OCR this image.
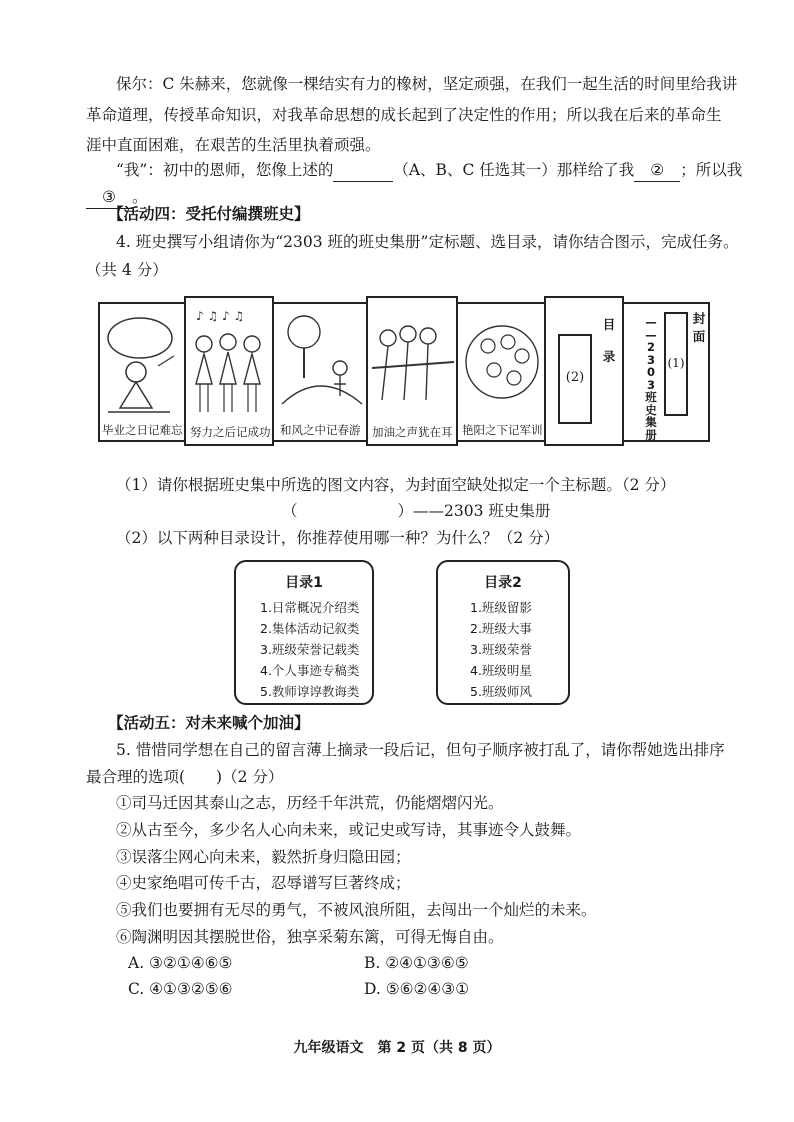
保尔：C 朱赫来，您就像一棵结实有力的橡树，坚定顽强，在我们一起生活的时间里给我讲
革命道理，传授革命知识，对我革命思想的成长起到了决定性的作用；所以我在后来的革命生
涯中直面困难，在艰苦的生活里执着顽强。
“我”：初中的恩师，您像上述的	（A、B、C 任选其一）那样给了我 ② ；所以我
③ 。
【活动四：受托付编撰班史】
4. 班史撰写小组请你为“2303 班的班史集册”定标题、选目录，请你结合图示，完成任务。
（共 4 分）
毕业之日记难忘
♪ ♫ ♪ ♫
努力之后记成功 和风之中记春游 加油之声犹在耳 艳阳之下记军训
目
录
(2)
—
—
2
3
0
3
班
史
集
册
(1)
封
面
（1）请你根据班史集中所选的图文内容，为封面空缺处拟定一个主标题。（2 分）
（	）——2303 班史集册
（2）以下两种目录设计，你推荐使用哪一种？为什么？（2 分）
目录1
1.日常概况介绍类
2.集体活动记叙类
3.班级荣誉记载类
4.个人事迹专稿类
5.教师谆谆教诲类
目录2
1.班级留影
2.班级大事
3.班级荣誉
4.班级明星
5.班级师风
【活动五：对未来喊个加油】
5. 惜惜同学想在自己的留言薄上摘录一段后记，但句子顺序被打乱了，请你帮她选出排序
最合理的选项(　　)（2 分）
①司马迁因其泰山之志，历经千年洪荒，仍能熠熠闪光。
②从古至今，多少名人心向未来，或记史或写诗，其事迹令人鼓舞。
③误落尘网心向未来，毅然折身归隐田园；
④史家绝唱可传千古，忍辱谱写巨著终成；
⑤我们也要拥有无尽的勇气，不被风浪所阻，去闯出一个灿烂的未来。
⑥陶渊明因其摆脱世俗，独享采菊东篱，可得无悔自由。
A. ③②①④⑥⑤	B. ②④①③⑥⑤
C. ④①③②⑤⑥	D. ⑤⑥②④③①
九年级语文　第 2 页（共 8 页）
